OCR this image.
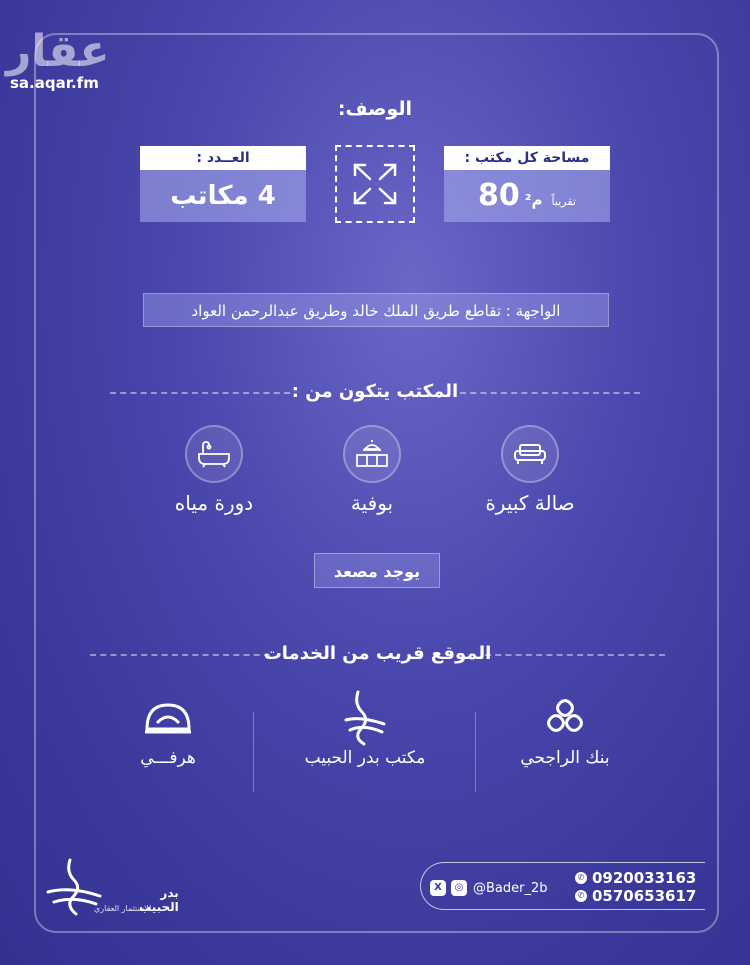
عقار
sa.aqar.fm
الوصف:
مساحة كل مكتب :
تقريباً م² 80
العــدد :
4 مكاتب
الواجهة : تقاطع طريق الملك خالد وطريق عبدالرحمن العواد
المكتب يتكون من :
صالة كبيرة
بوفية
دورة مياه
يوجد مصعد
الموقع قريب من الخدمات
بنك الراجحي
مكتب بدر الحبيب
هرفـــي
✆ 0920033163
✆ 0570653617
X	◎ @Bader_2b
بدر الحبيب
للاستثمار العقاري
